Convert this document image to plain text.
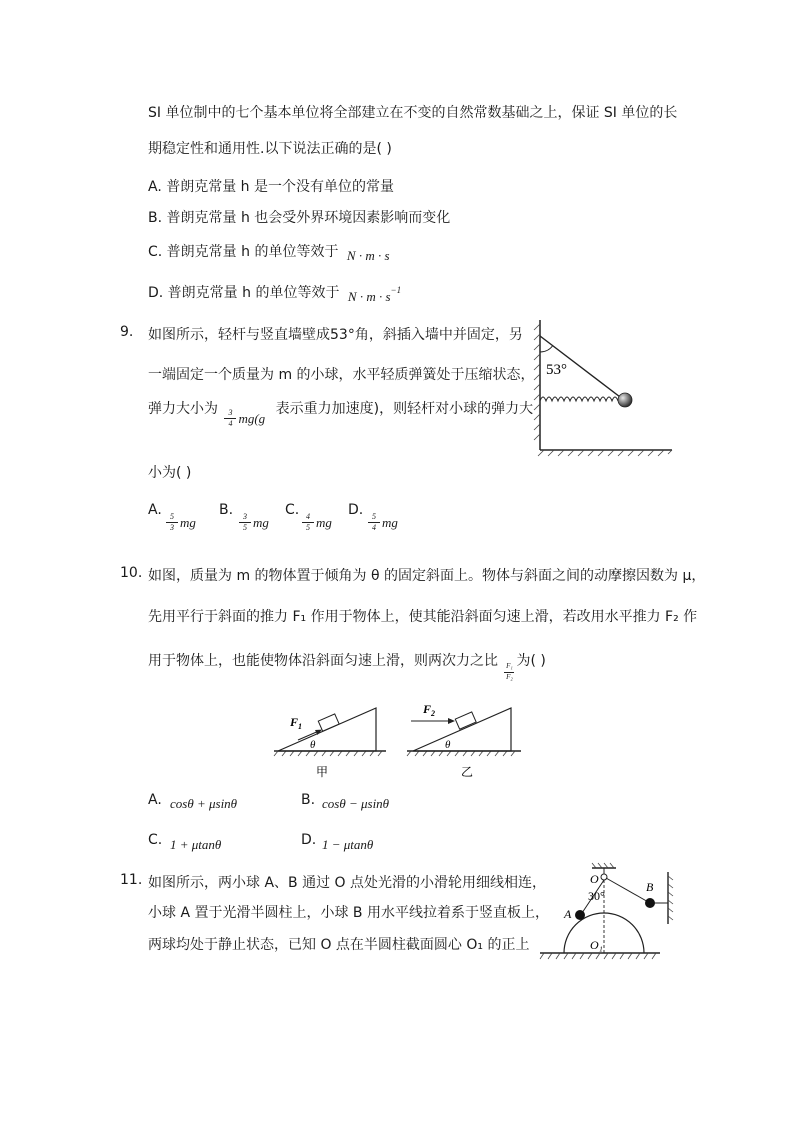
SI 单位制中的七个基本单位将全部建立在不变的自然常数基础之上，保证 SI 单位的长
期稳定性和通用性.以下说法正确的是( )
A. 普朗克常量 h 是一个没有单位的常量
B. 普朗克常量 h 也会受外界环境因素影响而变化
C. 普朗克常量 h 的单位等效于 N · m · s
D. 普朗克常量 h 的单位等效于 $N \cdot m \cdot s^{-1}$
9. 如图所示，轻杆与竖直墙壁成53°角，斜插入墙中并固定，另
一端固定一个质量为 m 的小球，水平轻质弹簧处于压缩状态，
弹力大小为 $\frac{3}{4} mg(g$ 表示重力加速度)，则轻杆对小球的弹力大
小为( )
53°
A. $\frac{5}{3}$ mg
B. $\frac{3}{5}$ mg
C. $\frac{4}{5}$ mg
D. $\frac{5}{4}$ mg
10. 如图，质量为 m 的物体置于倾角为 θ 的固定斜面上。物体与斜面之间的动摩擦因数为 μ，
先用平行于斜面的推力 F₁ 作用于物体上，使其能沿斜面匀速上滑，若改用水平推力 F₂ 作
用于物体上，也能使物体沿斜面匀速上滑，则两次力之比 $\frac{\text{F₁}}{\text{F₂}}$ 为( )
$F_1$
θ
甲
$F_2$
θ
乙
A. cosθ + μsinθ	B. cosθ − μsinθ
C. 1 + μtanθ	D. 1 − μtanθ
11. 如图所示，两小球 A、B 通过 O 点处光滑的小滑轮用细线相连，
小球 A 置于光滑半圆柱上，小球 B 用水平线拉着系于竖直板上，
两球均处于静止状态，已知 O 点在半圆柱截面圆心 O₁ 的正上
O
30°
A
B
O₁
